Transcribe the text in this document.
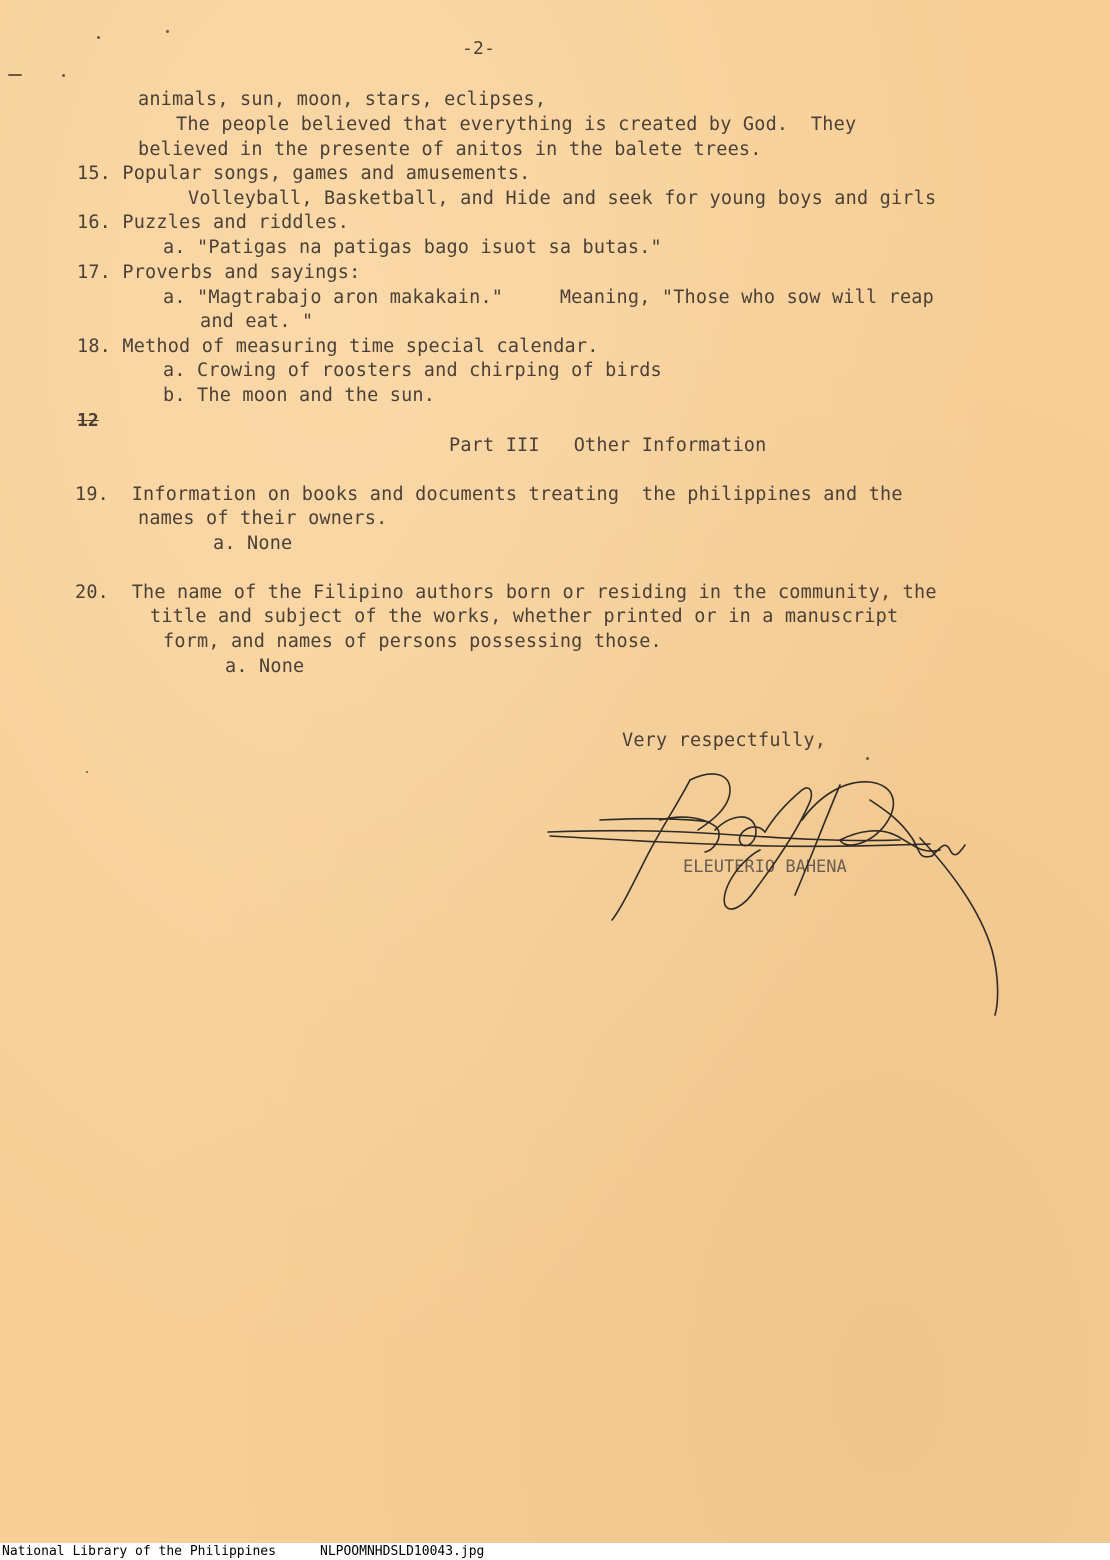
-2-
animals, sun, moon, stars, eclipses,
The people believed that everything is created by God.  They
believed in the presente of anitos in the balete trees.
15. Popular songs, games and amusements.
Volleyball, Basketball, and Hide and seek for young boys and girls
16. Puzzles and riddles.
a. "Patigas na patigas bago isuot sa butas."
17. Proverbs and sayings:
a. "Magtrabajo aron makakain."     Meaning, "Those who sow will reap
and eat. "
18. Method of measuring time special calendar.
a. Crowing of roosters and chirping of birds
b. The moon and the sun.
12
Part III   Other Information
19.  Information on books and documents treating  the philippines and the
names of their owners.
a. None
20.  The name of the Filipino authors born or residing in the community, the
title and subject of the works, whether printed or in a manuscript
form, and names of persons possessing those.
a. None
Very respectfully,
ELEUTERIO BAHENA
National Library of the Philippines	NLPOOMNHDSLD10043.jpg
